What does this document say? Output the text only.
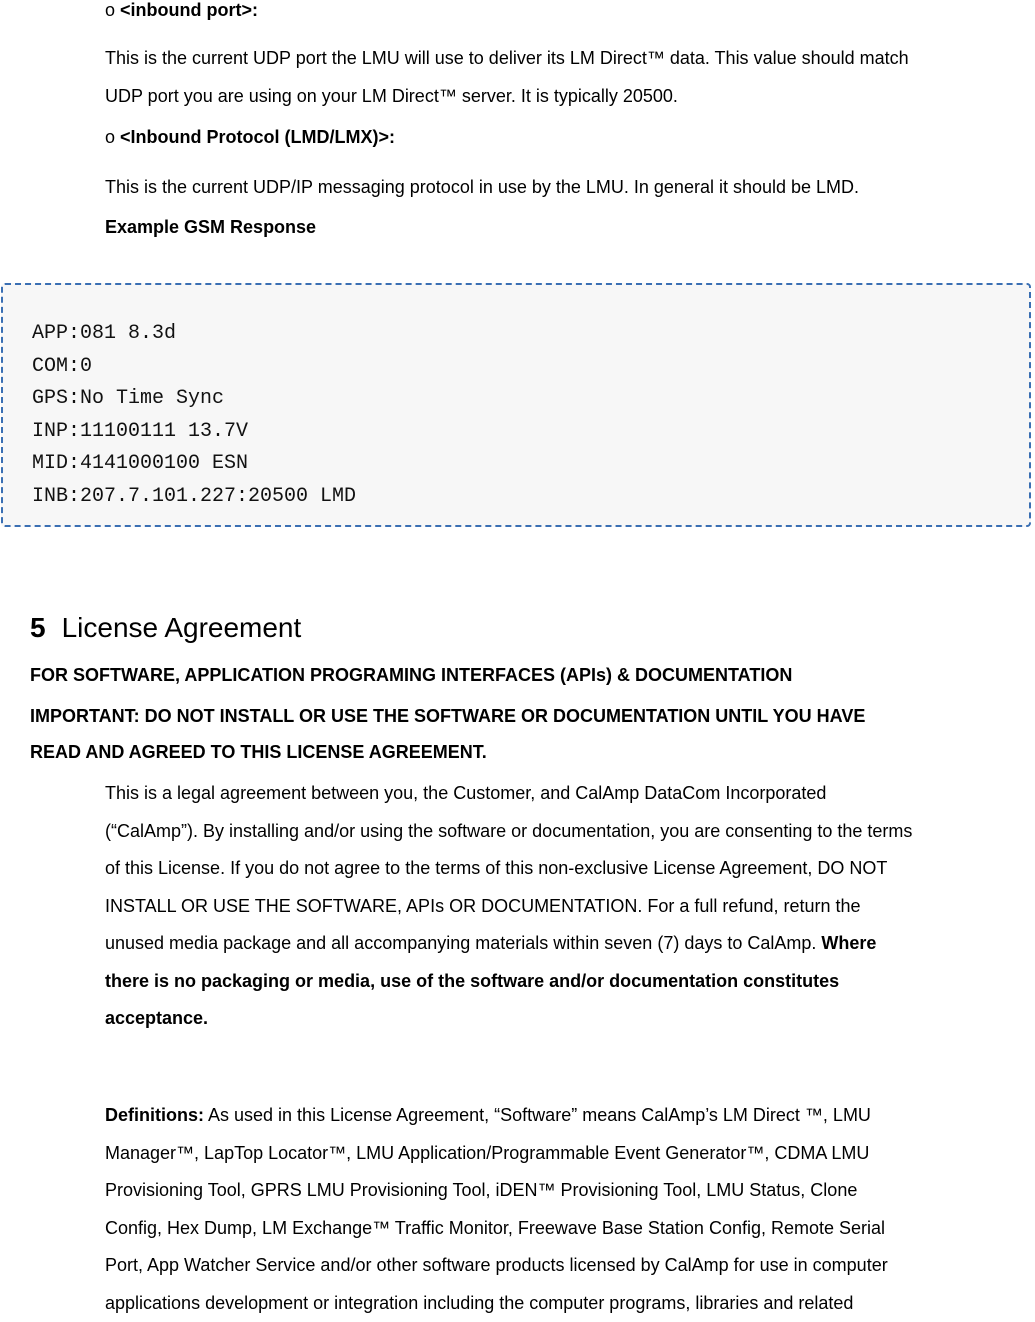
o <inbound port>:
This is the current UDP port the LMU will use to deliver its LM Direct™ data. This value should match
UDP port you are using on your LM Direct™ server. It is typically 20500.
o <Inbound Protocol (LMD/LMX)>:
This is the current UDP/IP messaging protocol in use by the LMU. In general it should be LMD.
Example GSM Response
APP:081 8.3d
COM:0
GPS:No Time Sync
INP:11100111 13.7V
MID:4141000100 ESN
INB:207.7.101.227:20500 LMD
5 License Agreement
FOR SOFTWARE, APPLICATION PROGRAMING INTERFACES (APIs) & DOCUMENTATION
IMPORTANT: DO NOT INSTALL OR USE THE SOFTWARE OR DOCUMENTATION UNTIL YOU HAVE
READ AND AGREED TO THIS LICENSE AGREEMENT.
This is a legal agreement between you, the Customer, and CalAmp DataCom Incorporated
(“CalAmp”). By installing and/or using the software or documentation, you are consenting to the terms
of this License. If you do not agree to the terms of this non-exclusive License Agreement, DO NOT
INSTALL OR USE THE SOFTWARE, APIs OR DOCUMENTATION. For a full refund, return the
unused media package and all accompanying materials within seven (7) days to CalAmp. Where
there is no packaging or media, use of the software and/or documentation constitutes
acceptance.
Definitions: As used in this License Agreement, “Software” means CalAmp’s LM Direct ™, LMU
Manager™, LapTop Locator™, LMU Application/Programmable Event Generator™, CDMA LMU
Provisioning Tool, GPRS LMU Provisioning Tool, iDEN™ Provisioning Tool, LMU Status, Clone
Config, Hex Dump, LM Exchange™ Traffic Monitor, Freewave Base Station Config, Remote Serial
Port, App Watcher Service and/or other software products licensed by CalAmp for use in computer
applications development or integration including the computer programs, libraries and related
